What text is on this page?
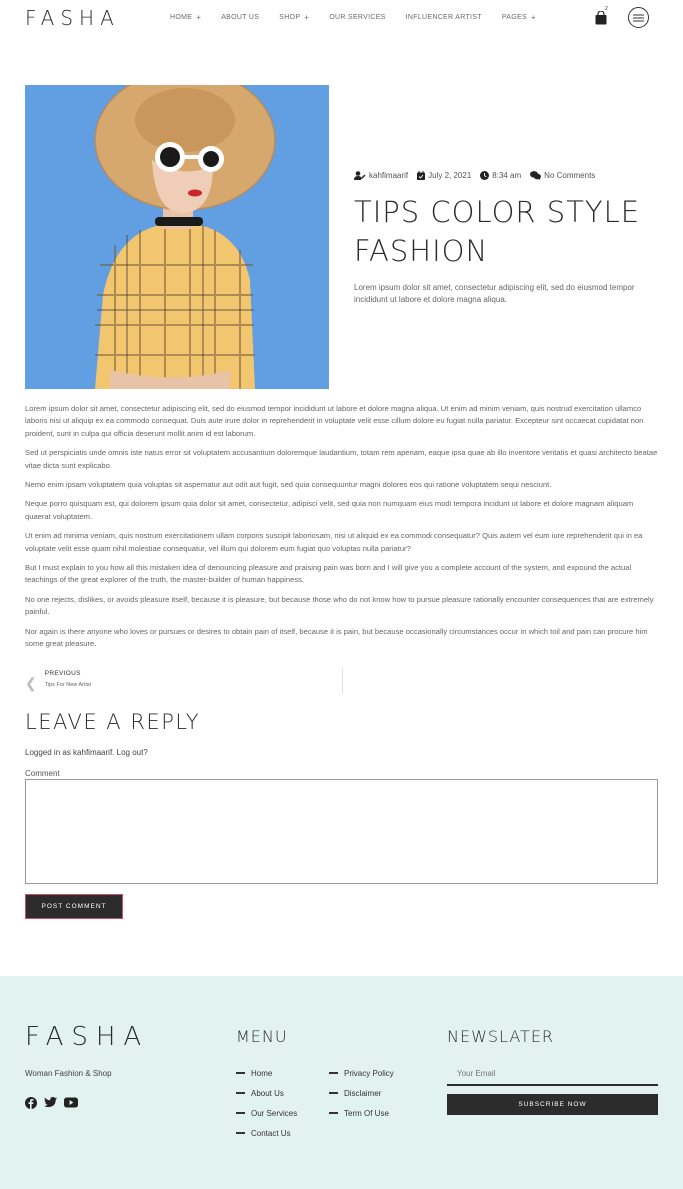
FASHA	HOME +	ABOUT US	SHOP +	OUR SERVICES	INFLUENCER ARTIST	PAGES +
2
kahfimaarif	July 2, 2021	8:34 am	No Comments
TIPS COLOR STYLE FASHION

Lorem ipsum dolor sit amet, consectetur adipiscing elit, sed do eiusmod tempor incididunt ut labore et dolore magna aliqua.

Lorem ipsum dolor sit amet, consectetur adipiscing elit, sed do eiusmod tempor incididunt ut labore et dolore magna aliqua. Ut enim ad minim veniam, quis nostrud exercitation ullamco laboris nisi ut aliquip ex ea commodo consequat. Duis aute irure dolor in reprehenderit in voluptate velit esse cillum dolore eu fugiat nulla pariatur. Excepteur sint occaecat cupidatat non proident, sunt in culpa qui officia deserunt mollit anim id est laborum.

Sed ut perspiciatis unde omnis iste natus error sit voluptatem accusantium doloremque laudantium, totam rem aperiam, eaque ipsa quae ab illo inventore veritatis et quasi architecto beatae vitae dicta sunt explicabo.

Nemo enim ipsam voluptatem quia voluptas sit aspernatur aut odit aut fugit, sed quia consequuntur magni dolores eos qui ratione voluptatem sequi nesciunt.

Neque porro quisquam est, qui dolorem ipsum quia dolor sit amet, consectetur, adipisci velit, sed quia non numquam eius modi tempora incidunt ut labore et dolore magnam aliquam quaerat voluptatem.

Ut enim ad minima veniam, quis nostrum exercitationem ullam corporis suscipit laboriosam, nisi ut aliquid ex ea commodi consequatur? Quis autem vel eum iure reprehenderit qui in ea voluptate velit esse quam nihil molestiae consequatur, vel illum qui dolorem eum fugiat quo voluptas nulla pariatur?

But I must explain to you how all this mistaken idea of denouncing pleasure and praising pain was born and I will give you a complete account of the system, and expound the actual teachings of the great explorer of the truth, the master-builder of human happiness.

No one rejects, dislikes, or avoids pleasure itself, because it is pleasure, but because those who do not know how to pursue pleasure rationally encounter consequences that are extremely painful.

Nor again is there anyone who loves or pursues or desires to obtain pain of itself, because it is pain, but because occasionally circumstances occur in which toil and pain can procure him some great pleasure.

❮
PREVIOUS
Tips For New Artist
LEAVE A REPLY
Logged in as kahfimaarif. Log out?
Comment
POST COMMENT
FASHA
Woman Fashion & Shop
MENU
Home
About Us
Our Services
Contact Us
Privacy Policy
Disclaimer
Term Of Use
NEWSLATER
Your Email
SUBSCRIBE NOW
